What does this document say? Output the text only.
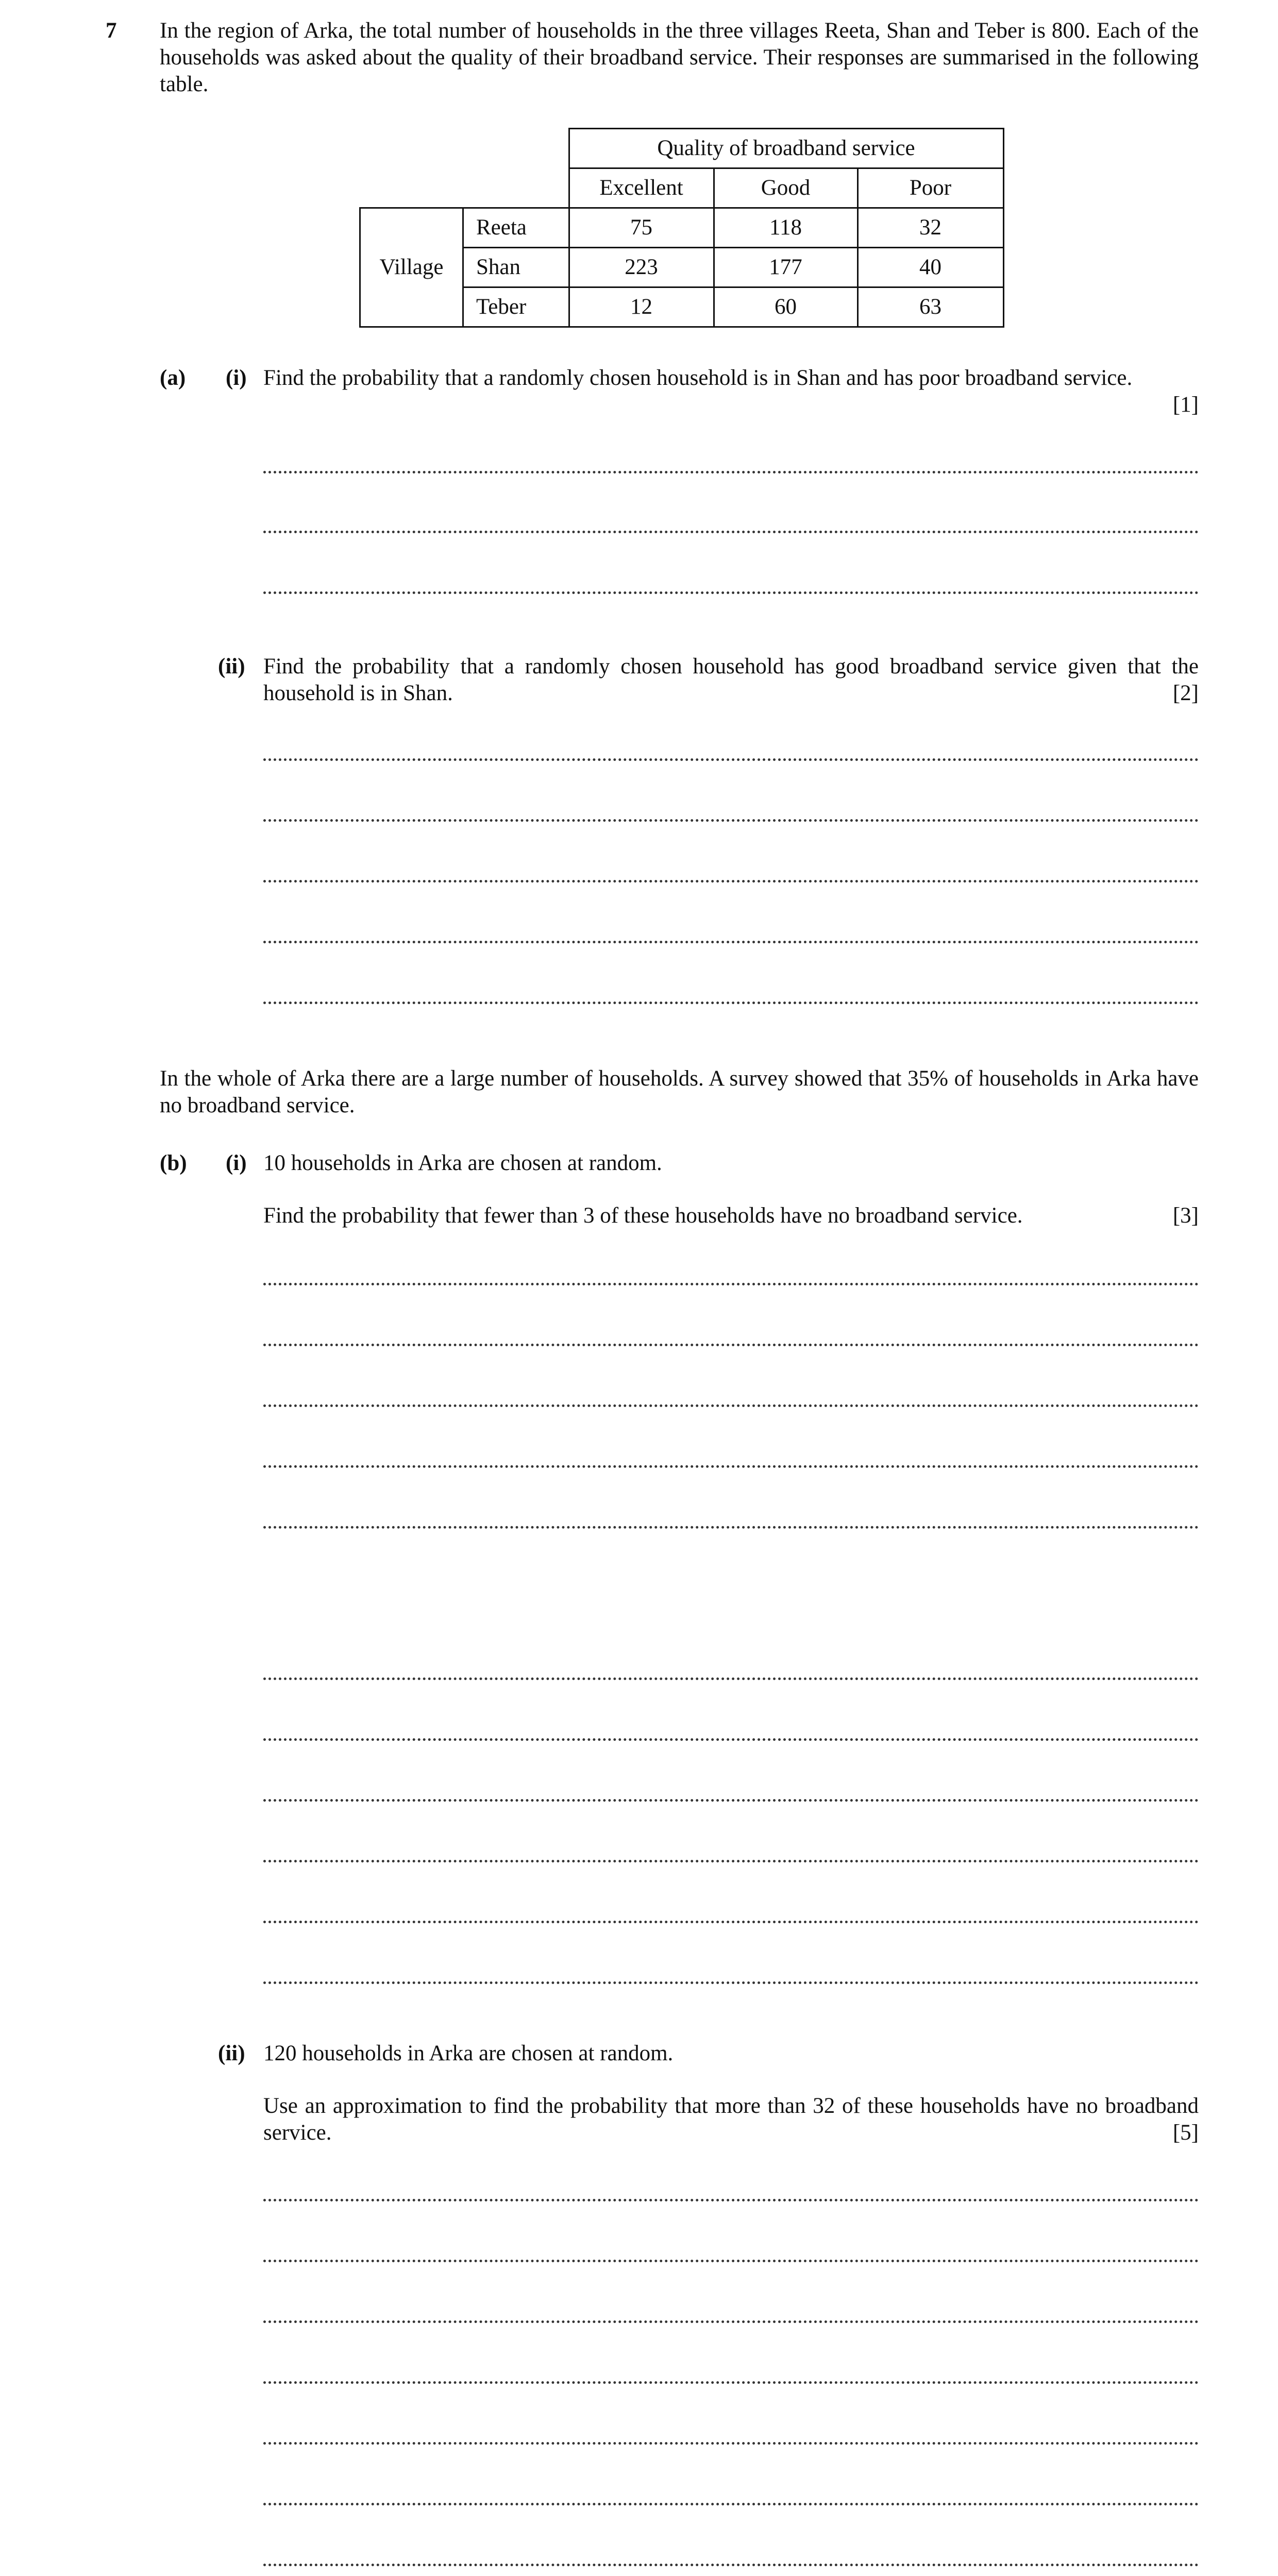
7 In the region of Arka, the total number of households in the three villages Reeta, Shan and Teber is 800. Each of the households was asked about the quality of their broadband service. Their responses are summarised in the following table.
		Quality of broadband service		
		Excellent	Good	Poor
Village	Reeta	75	118	32
	Shan	223	177	40
	Teber	12	60	63
(a) (i) Find the probability that a randomly chosen household is in Shan and has poor broadband service.
[1]
(ii) Find the probability that a randomly chosen household has good broadband service given that the household is in Shan.	[2]
In the whole of Arka there are a large number of households. A survey showed that 35% of households in Arka have no broadband service.
(b) (i) 10 households in Arka are chosen at random.
Find the probability that fewer than 3 of these households have no broadband service.	[3]
(ii) 120 households in Arka are chosen at random.
Use an approximation to find the probability that more than 32 of these households have no broadband service.	[5]
